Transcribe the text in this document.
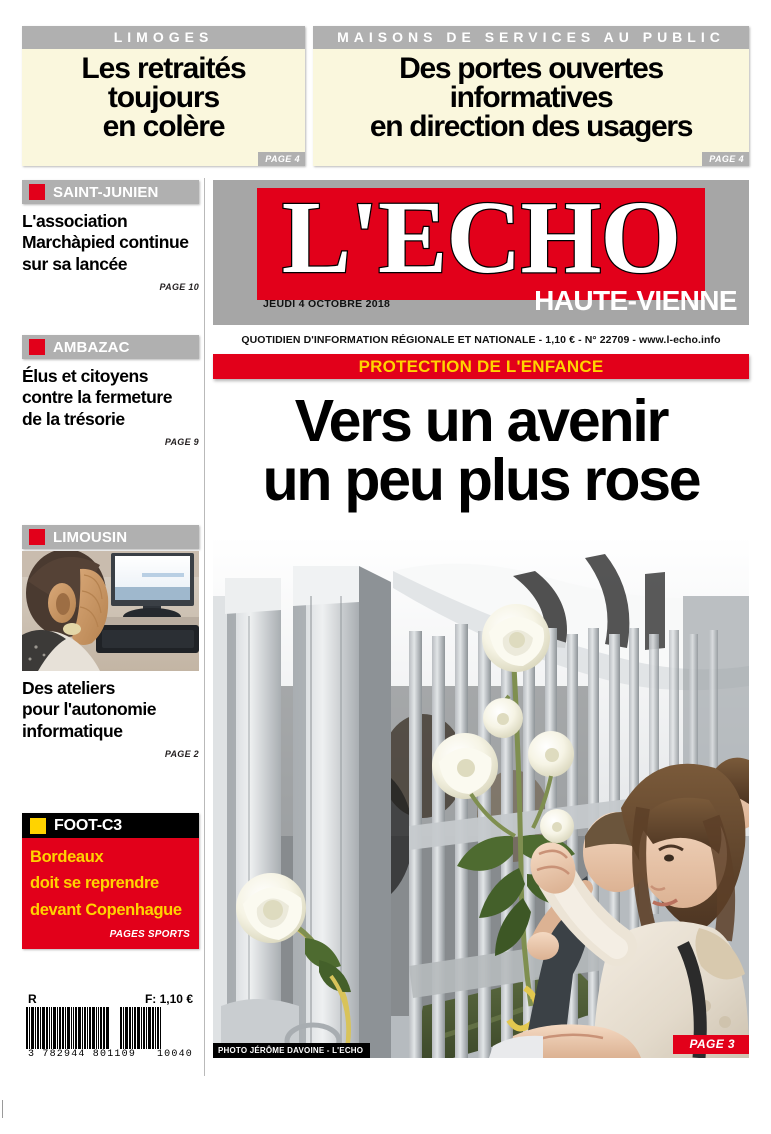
LIMOGES
Les retraités
toujours
en colère
PAGE 4
MAISONS DE SERVICES AU PUBLIC
Des portes ouvertes
informatives
en direction des usagers
PAGE 4
SAINT-JUNIEN
L'association
Marchàpied continue
sur sa lancée
PAGE 10
AMBAZAC
Élus et citoyens
contre la fermeture
de la trésorie
PAGE 9
LIMOUSIN
Des ateliers
pour l'autonomie
informatique
PAGE 2
FOOT-C3
Bordeaux
doit se reprendre
devant Copenhague
PAGES SPORTS
R	F: 1,10 €
3 782944 801109 10040
L'ECHO
JEUDI 4 OCTOBRE 2018	HAUTE-VIENNE
QUOTIDIEN D'INFORMATION RÉGIONALE ET NATIONALE - 1,10 € - N° 22709 - www.l-echo.info
PROTECTION DE L'ENFANCE
Vers un avenir
un peu plus rose
PHOTO JÉRÔME DAVOINE - L'ECHO	PAGE 3
